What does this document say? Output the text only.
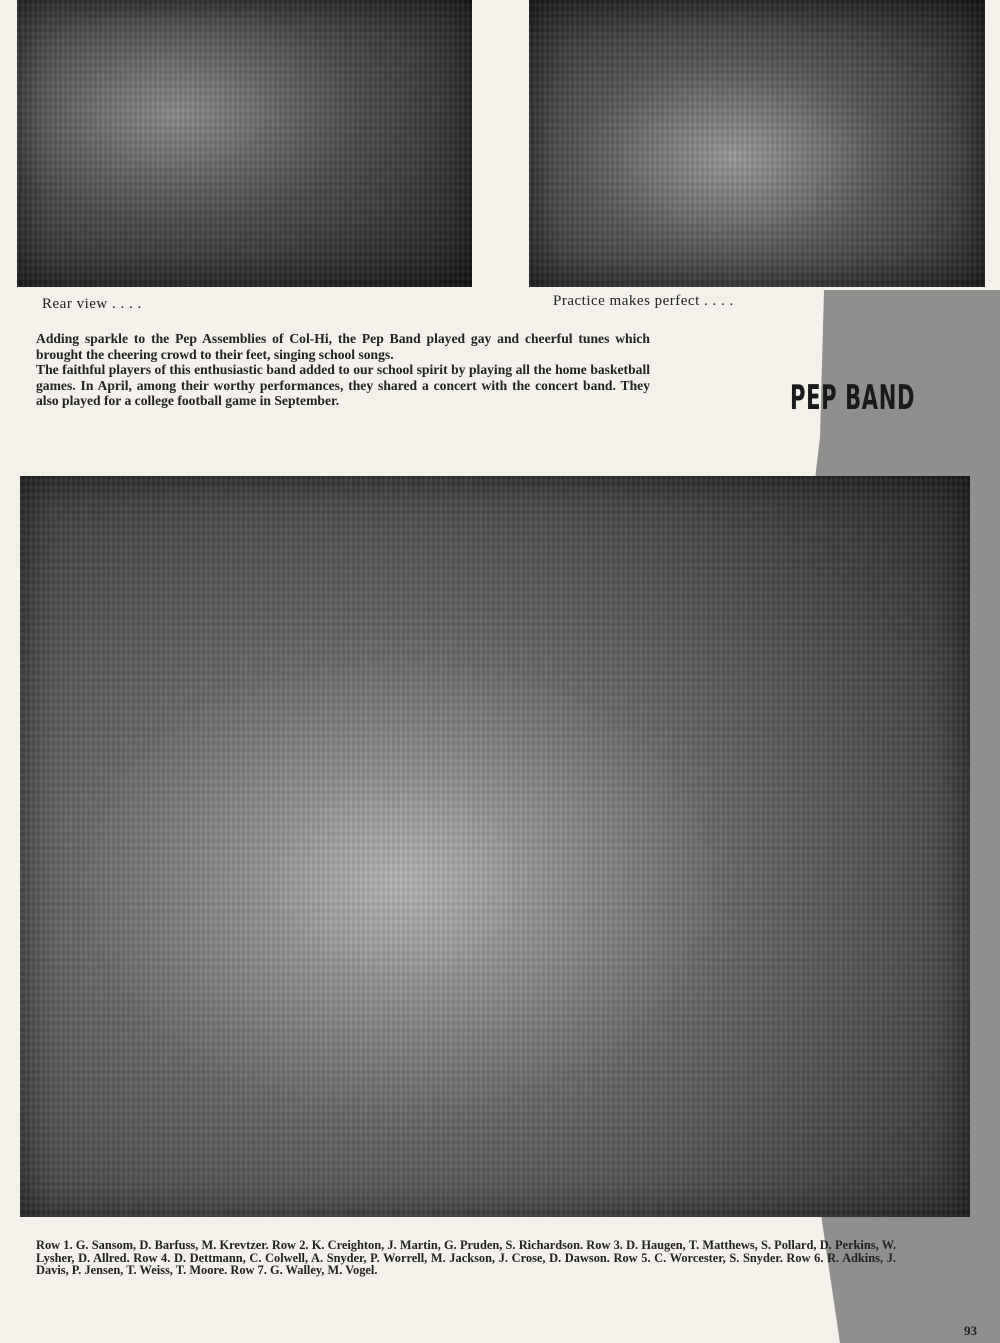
Rear view . . . .	Practice makes perfect . . . .

Adding sparkle to the Pep Assemblies of Col-Hi, the Pep Band played gay and cheerful tunes which brought the cheering crowd to their feet, singing school songs.

The faithful players of this enthusiastic band added to our school spirit by playing all the home basketball games. In April, among their worthy performances, they shared a concert with the concert band. They also played for a college football game in September.	PEP BAND
Row 1. G. Sansom, D. Barfuss, M. Krevtzer. Row 2. K. Creighton, J. Martin, G. Pruden, S. Richardson. Row 3. D. Haugen, T. Matthews, S. Pollard, D. Perkins, W. Lysher, D. Allred. Row 4. D. Dettmann, C. Colwell, A. Snyder, P. Worrell, M. Jackson, J. Crose, D. Dawson. Row 5. C. Worcester, S. Snyder. Row 6. R. Adkins, J. Davis, P. Jensen, T. Weiss, T. Moore. Row 7. G. Walley, M. Vogel.
93
